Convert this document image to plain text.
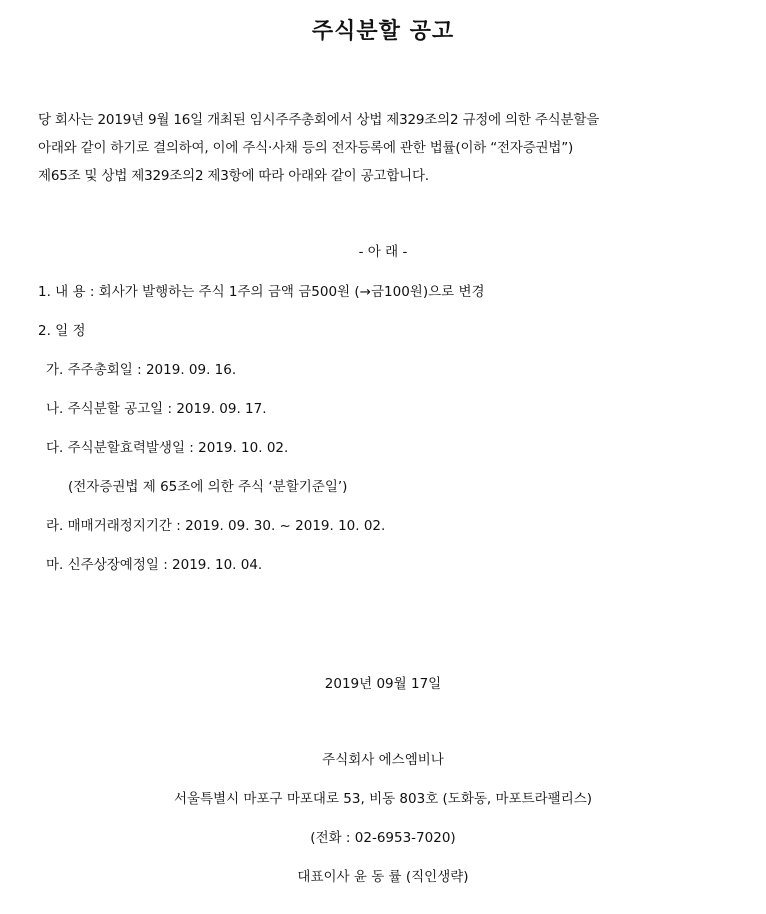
주식분할 공고

당 회사는 2019년 9월 16일 개최된 임시주주총회에서 상법 제329조의2 규정에 의한 주식분할을

아래와 같이 하기로 결의하여, 이에 주식·사채 등의 전자등록에 관한 법률(이하 “전자증권법”)

제65조 및 상법 제329조의2 제3항에 따라 아래와 같이 공고합니다.

- 아 래 -
1. 내 용 : 회사가 발행하는 주식 1주의 금액 금500원 (→금100원)으로 변경
2. 일 정
가. 주주총회일 : 2019. 09. 16.
나. 주식분할 공고일 : 2019. 09. 17.
다. 주식분할효력발생일 : 2019. 10. 02.
(전자증권법 제 65조에 의한 주식 ‘분할기준일’)
라. 매매거래정지기간 : 2019. 09. 30. ~ 2019. 10. 02.
마. 신주상장예정일 : 2019. 10. 04.
2019년 09월 17일
주식회사 에스엠비나
서울특별시 마포구 마포대로 53, 비동 803호 (도화동, 마포트라팰리스)
(전화 : 02-6953-7020)
대표이사 윤 동 률 (직인생략)
